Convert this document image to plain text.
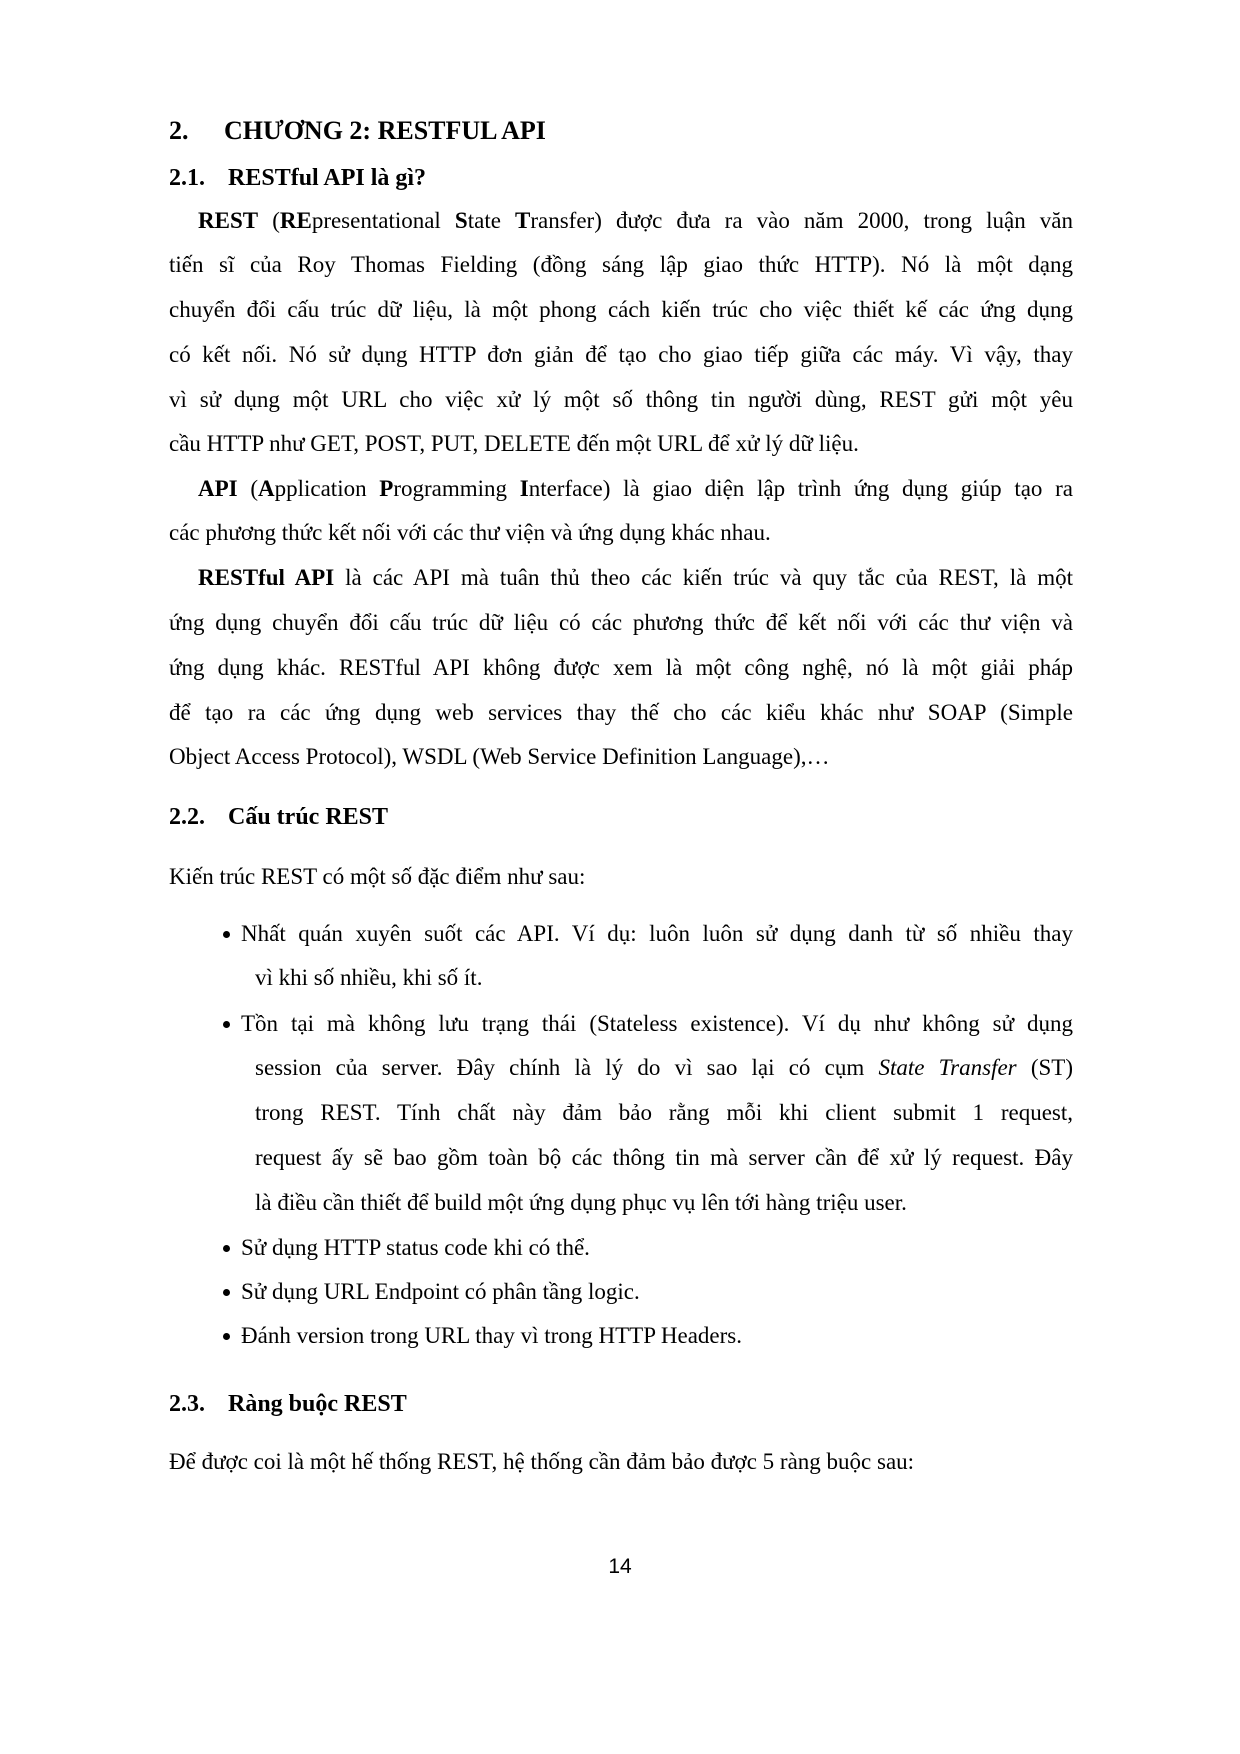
2. CHƯƠNG 2: RESTFUL API
2.1. RESTful API là gì?
REST (REpresentational State Transfer) được đưa ra vào năm 2000, trong luận văn
tiến sĩ của Roy Thomas Fielding (đồng sáng lập giao thức HTTP). Nó là một dạng
chuyển đổi cấu trúc dữ liệu, là một phong cách kiến trúc cho việc thiết kế các ứng dụng
có kết nối. Nó sử dụng HTTP đơn giản để tạo cho giao tiếp giữa các máy. Vì vậy, thay
vì sử dụng một URL cho việc xử lý một số thông tin người dùng, REST gửi một yêu
cầu HTTP như GET, POST, PUT, DELETE đến một URL để xử lý dữ liệu.
API (Application Programming Interface) là giao diện lập trình ứng dụng giúp tạo ra
các phương thức kết nối với các thư viện và ứng dụng khác nhau.
RESTful API là các API mà tuân thủ theo các kiến trúc và quy tắc của REST, là một
ứng dụng chuyển đổi cấu trúc dữ liệu có các phương thức để kết nối với các thư viện và
ứng dụng khác. RESTful API không được xem là một công nghệ, nó là một giải pháp
để tạo ra các ứng dụng web services thay thế cho các kiểu khác như SOAP (Simple
Object Access Protocol), WSDL (Web Service Definition Language),…
2.2. Cấu trúc REST
Kiến trúc REST có một số đặc điểm như sau:
Nhất quán xuyên suốt các API. Ví dụ: luôn luôn sử dụng danh từ số nhiều thay
vì khi số nhiều, khi số ít.
Tồn tại mà không lưu trạng thái (Stateless existence). Ví dụ như không sử dụng
session của server. Đây chính là lý do vì sao lại có cụm State Transfer (ST)
trong REST. Tính chất này đảm bảo rằng mỗi khi client submit 1 request,
request ấy sẽ bao gồm toàn bộ các thông tin mà server cần để xử lý request. Đây
là điều cần thiết để build một ứng dụng phục vụ lên tới hàng triệu user.
Sử dụng HTTP status code khi có thể.
Sử dụng URL Endpoint có phân tầng logic.
Đánh version trong URL thay vì trong HTTP Headers.
2.3. Ràng buộc REST
Để được coi là một hế thống REST, hệ thống cần đảm bảo được 5 ràng buộc sau:
14
